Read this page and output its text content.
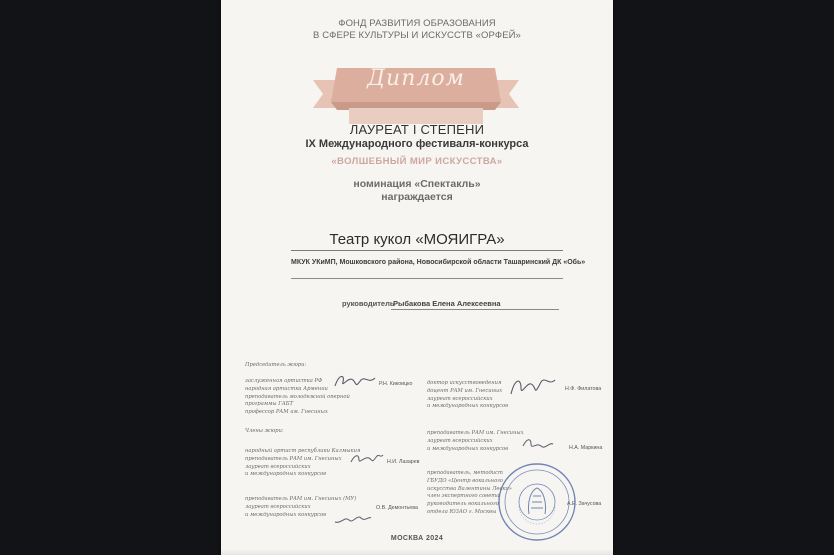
ФОНД РАЗВИТИЯ ОБРАЗОВАНИЯ
В СФЕРЕ КУЛЬТУРЫ И ИСКУССТВ «ОРФЕЙ»
Диплом
ЛАУРЕАТ I СТЕПЕНИ
IX Международного фестиваля-конкурса
«ВОЛШЕБНЫЙ МИР ИСКУССТВА»
номинация «Спектакль»
награждается
Театр кукол «МОЯИГРА»
МКУК УКиМП, Мошковского района, Новосибирской области Ташаринский ДК «Обь»
руководитель
Рыбакова Елена Алексеевна
Председатель жюри:
заслуженная артистка РФ
народная артистка Армении
преподаватель молодежной оперной
программы ГАБТ
профессор РАМ им. Гнесиных
Р.Н. Кикоицко
Члены жюри:
народный артист республики Калмыкия
преподаватель РАМ им. Гнесиных
лауреат всероссийских
и международных конкурсов
Н.И. Лазарев
преподаватель РАМ им. Гнесиных (МУ)
лауреат всероссийских
и международных конкурсов
О.В. Демонтьева
доктор искусствоведения
доцент РАМ им. Гнесиных
лауреат всероссийских
и международных конкурсов
Н.Ф. Филатова
преподаватель РАМ им. Гнесиных
лауреат всероссийских
и международных конкурсов	Н.А. Маркина
преподаватель, методист
ГБУДО «Центр вокального
искусства Валентины Левко»
член экспертного совета
руководитель вокального
отдела ЮЗАО г. Москвы
А.Е. Зачусова
МОСКВА 2024
